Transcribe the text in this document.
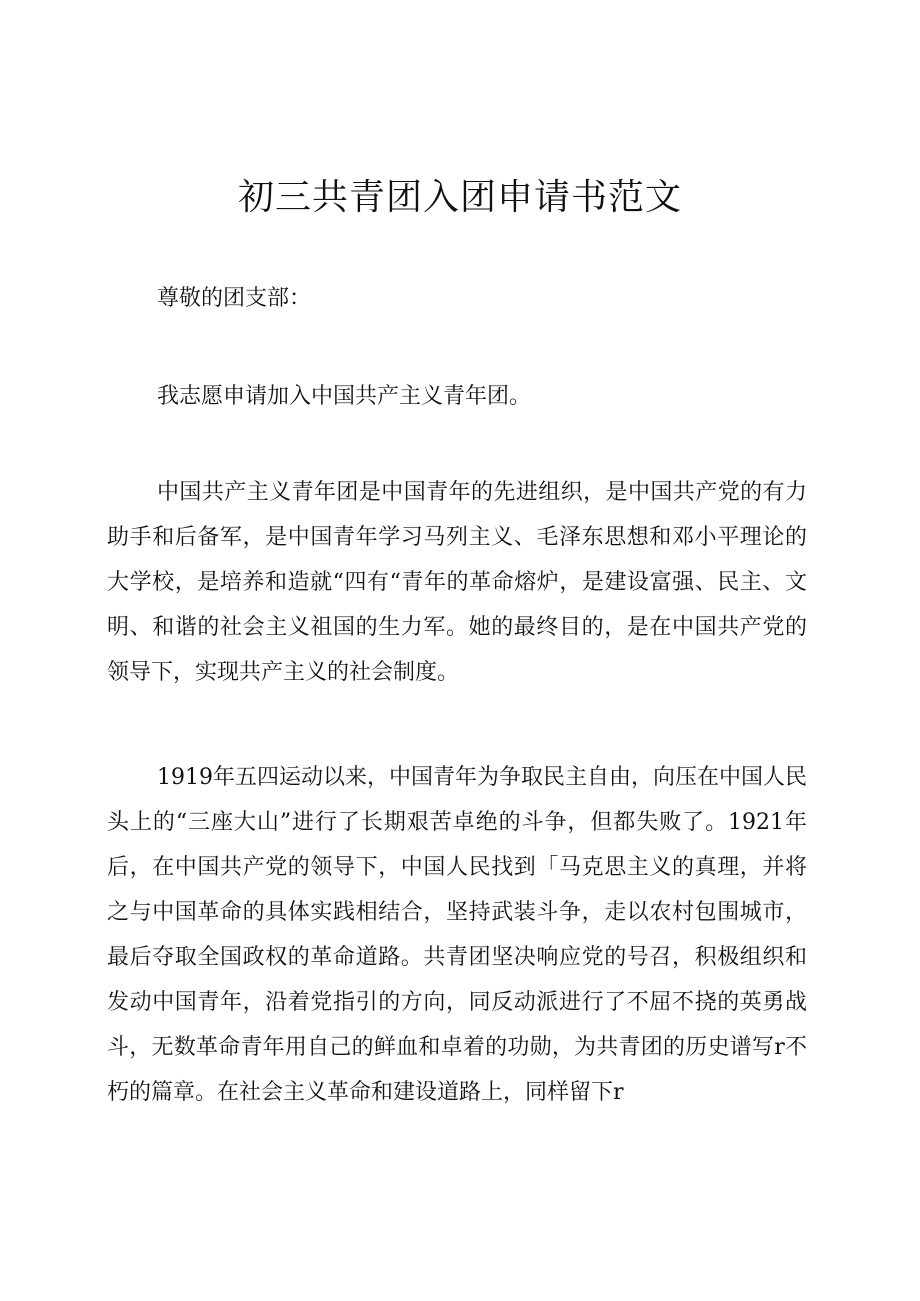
初三共青团入团申请书范文

尊敬的团支部：

我志愿申请加入中国共产主义青年团。

中国共产主义青年团是中国青年的先进组织，是中国共产党的有力助手和后备军，是中国青年学习马列主义、毛泽东思想和邓小平理论的大学校，是培养和造就“四有“青年的革命熔炉，是建设富强、民主、文明、和谐的社会主义祖国的生力军。她的最终目的，是在中国共产党的领导下，实现共产主义的社会制度。

1919年五四运动以来，中国青年为争取民主自由，向压在中国人民头上的“三座大山”进行了长期艰苦卓绝的斗争，但都失败了。1921年后，在中国共产党的领导下，中国人民找到「马克思主义的真理，并将之与中国革命的具体实践相结合，坚持武装斗争，走以农村包围城市，最后夺取全国政权的革命道路。共青团坚决响应党的号召，积极组织和发动中国青年，沿着党指引的方向，同反动派进行了不屈不挠的英勇战斗，无数革命青年用自己的鲜血和卓着的功勋，为共青团的历史谱写r不朽的篇章。在社会主义革命和建设道路上，同样留下r
